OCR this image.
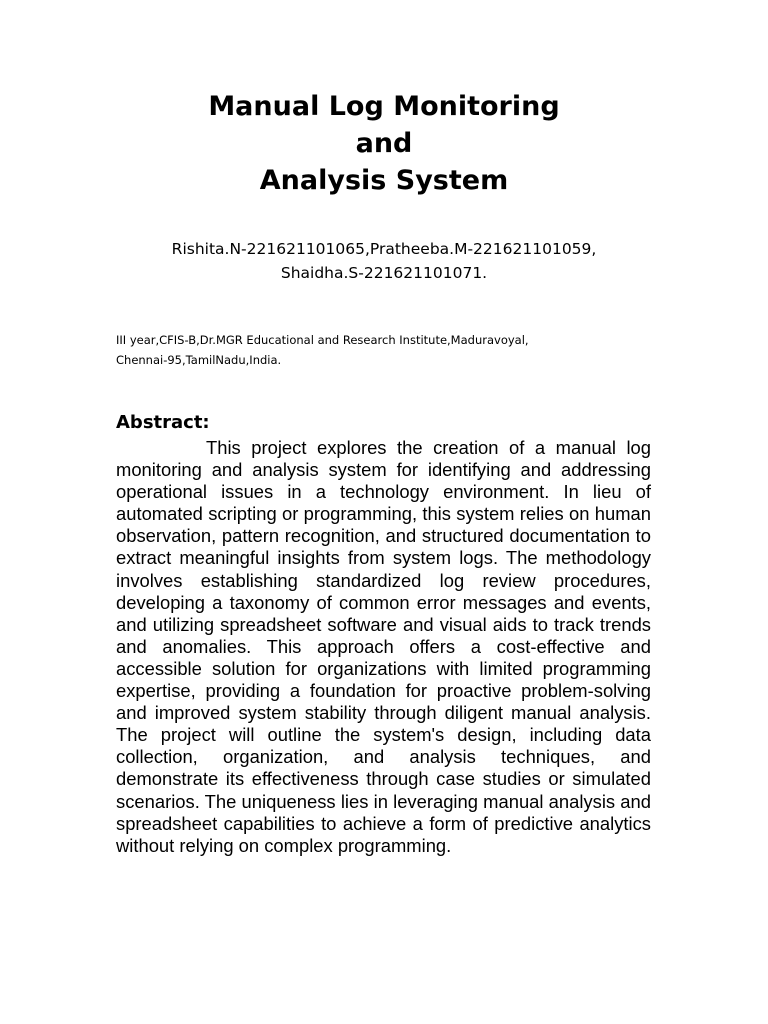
Manual Log Monitoring
and
Analysis System
Rishita.N-221621101065,Pratheeba.M-221621101059,
Shaidha.S-221621101071.
III year,CFIS-B,Dr.MGR Educational and Research Institute,Maduravoyal,
Chennai-95,TamilNadu,India.
Abstract:

This project explores the creation of a manual log monitoring and analysis system for identifying and addressing operational issues in a technology environment. In lieu of automated scripting or programming, this system relies on human observation, pattern recognition, and structured documentation to extract meaningful insights from system logs. The methodology involves establishing standardized log review procedures, developing a taxonomy of common error messages and events, and utilizing spreadsheet software and visual aids to track trends and anomalies. This approach offers a cost-effective and accessible solution for organizations with limited programming expertise, providing a foundation for proactive problem-solving and improved system stability through diligent manual analysis. The project will outline the system's design, including data collection, organization, and analysis techniques, and demonstrate its effectiveness through case studies or simulated scenarios. The uniqueness lies in leveraging manual analysis and spreadsheet capabilities to achieve a form of predictive analytics without relying on complex programming.
